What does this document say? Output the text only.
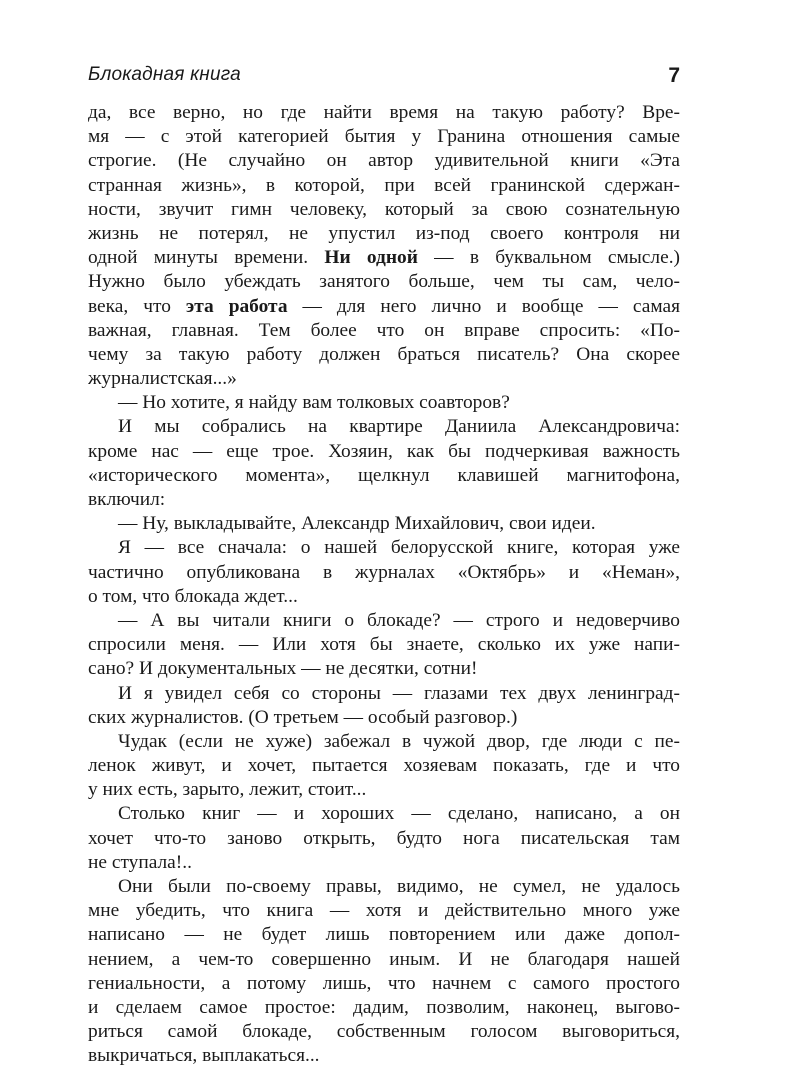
Блокадная книга	7
да, все верно, но где найти время на такую работу? Вре-
мя — с этой категорией бытия у Гранина отношения самые
строгие. (Не случайно он автор удивительной книги «Эта
странная жизнь», в которой, при всей гранинской сдержан-
ности, звучит гимн человеку, который за свою сознательную
жизнь не потерял, не упустил из-под своего контроля ни
одной минуты времени. Ни одной — в буквальном смысле.)
Нужно было убеждать занятого больше, чем ты сам, чело-
века, что эта работа — для него лично и вообще — самая
важная, главная. Тем более что он вправе спросить: «По-
чему за такую работу должен браться писатель? Она скорее
журналистская...»
— Но хотите, я найду вам толковых соавторов?
И мы собрались на квартире Даниила Александровича:
кроме нас — еще трое. Хозяин, как бы подчеркивая важность
«исторического момента», щелкнул клавишей магнитофона,
включил:
— Ну, выкладывайте, Александр Михайлович, свои идеи.
Я — все сначала: о нашей белорусской книге, которая уже
частично опубликована в журналах «Октябрь» и «Неман»,
о том, что блокада ждет...
— А вы читали книги о блокаде? — строго и недоверчиво
спросили меня. — Или хотя бы знаете, сколько их уже напи-
сано? И документальных — не десятки, сотни!
И я увидел себя со стороны — глазами тех двух ленинград-
ских журналистов. (О третьем — особый разговор.)
Чудак (если не хуже) забежал в чужой двор, где люди с пе-
ленок живут, и хочет, пытается хозяевам показать, где и что
у них есть, зарыто, лежит, стоит...
Столько книг — и хороших — сделано, написано, а он
хочет что-то заново открыть, будто нога писательская там
не ступала!..
Они были по-своему правы, видимо, не сумел, не удалось
мне убедить, что книга — хотя и действительно много уже
написано — не будет лишь повторением или даже допол-
нением, а чем-то совершенно иным. И не благодаря нашей
гениальности, а потому лишь, что начнем с самого простого
и сделаем самое простое: дадим, позволим, наконец, выгово-
риться самой блокаде, собственным голосом выговориться,
выкричаться, выплакаться...
